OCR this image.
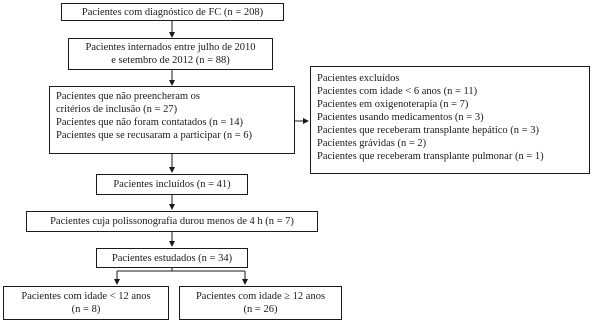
Pacientes com diagnóstico de FC (n = 208)
Pacientes internados entre julho de 2010
e setembro de 2012 (n = 88)
Pacientes que não preencheram os
critérios de inclusão (n = 27)
Pacientes que não foram contatados (n = 14)
Pacientes que se recusaram a participar (n = 6)
Pacientes excluídos
Pacientes com idade < 6 anos (n = 11)
Pacientes em oxigenoterapia (n = 7)
Pacientes usando medicamentos (n = 3)
Pacientes que receberam transplante hepático (n = 3)
Pacientes grávidas (n = 2)
Pacientes que receberam transplante pulmonar (n = 1)
Pacientes incluídos (n = 41)
Pacientes cuja polissonografia durou menos de 4 h (n = 7)
Pacientes estudados (n = 34)
Pacientes com idade < 12 anos
(n = 8)
Pacientes com idade ≥ 12 anos
(n = 26)
